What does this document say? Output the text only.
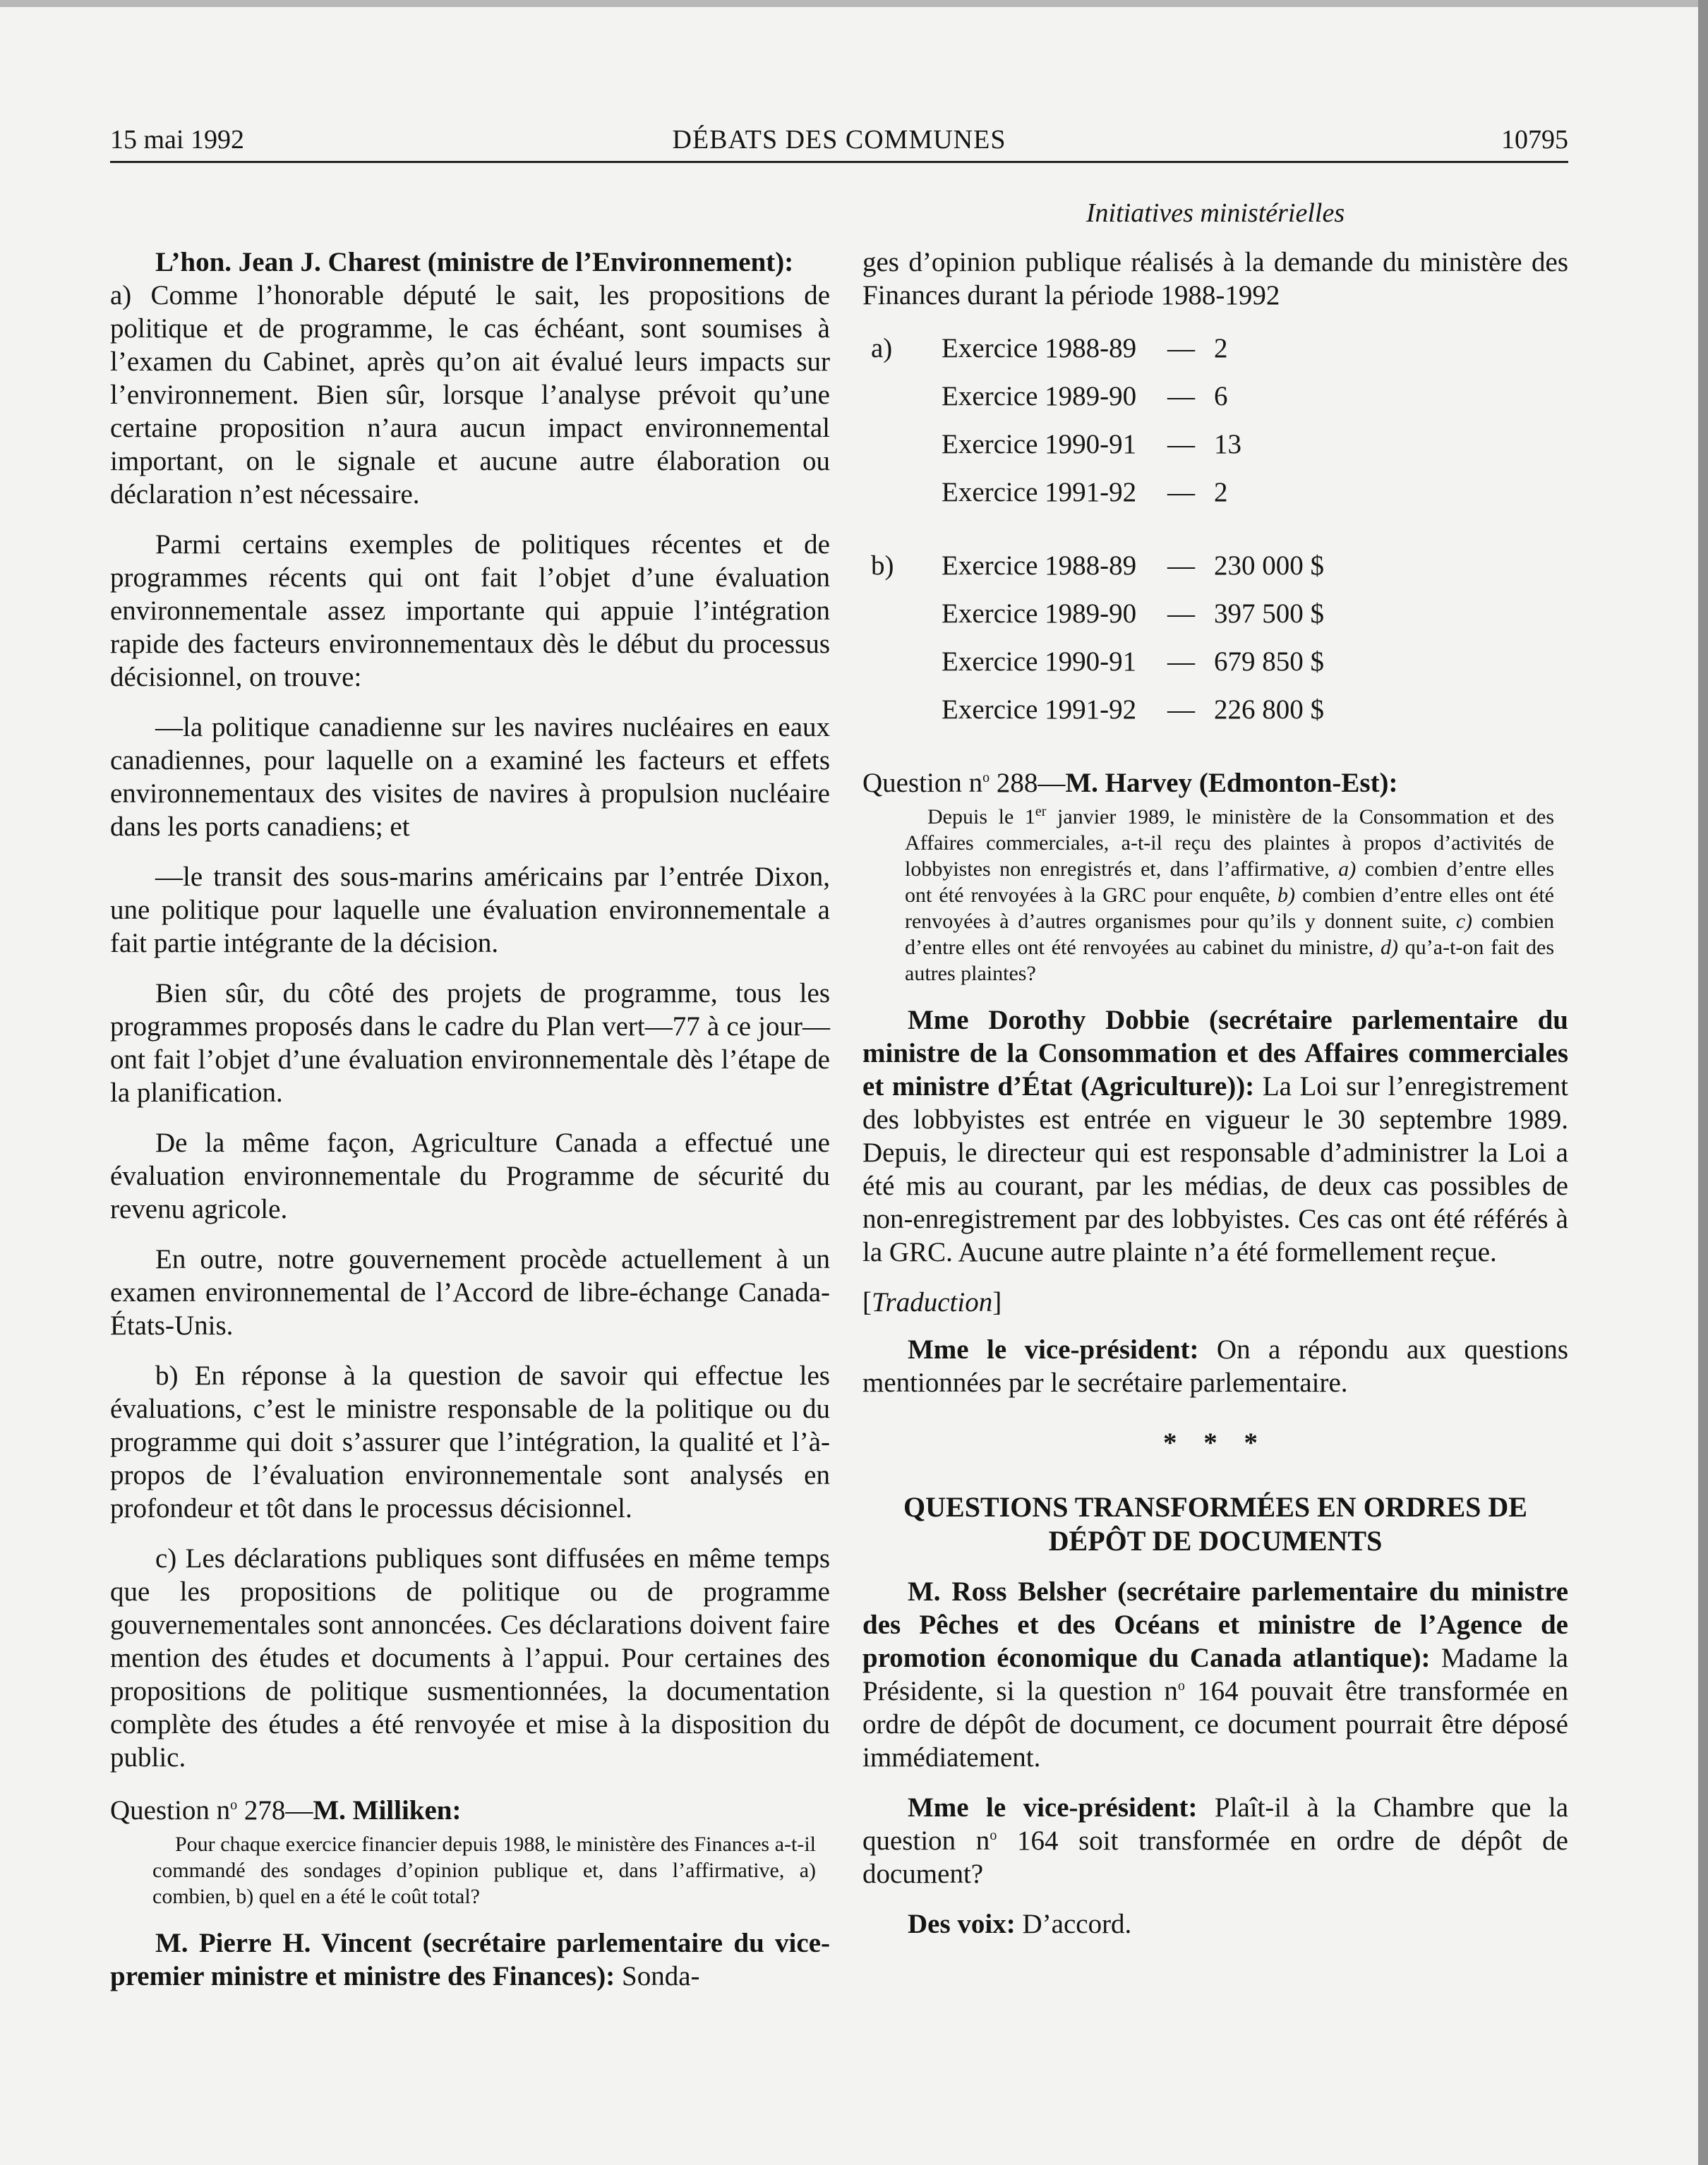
15 mai 1992	DÉBATS DES COMMUNES	10795
Initiatives ministérielles

L’hon. Jean J. Charest (ministre de l’Environnement):
a) Comme l’honorable député le sait, les propositions de politique et de programme, le cas échéant, sont soumises à l’examen du Cabinet, après qu’on ait évalué leurs impacts sur l’environnement. Bien sûr, lorsque l’analyse prévoit qu’une certaine proposition n’aura aucun impact environnemental important, on le signale et aucune autre élaboration ou déclaration n’est nécessaire.

Parmi certains exemples de politiques récentes et de programmes récents qui ont fait l’objet d’une évaluation environnementale assez importante qui appuie l’intégration rapide des facteurs environnementaux dès le début du processus décisionnel, on trouve:

—la politique canadienne sur les navires nucléaires en eaux canadiennes, pour laquelle on a examiné les facteurs et effets environnementaux des visites de navires à propulsion nucléaire dans les ports canadiens; et

—le transit des sous-marins américains par l’entrée Dixon, une politique pour laquelle une évaluation environnementale a fait partie intégrante de la décision.

Bien sûr, du côté des projets de programme, tous les programmes proposés dans le cadre du Plan vert—77 à ce jour—ont fait l’objet d’une évaluation environnementale dès l’étape de la planification.

De la même façon, Agriculture Canada a effectué une évaluation environnementale du Programme de sécurité du revenu agricole.

En outre, notre gouvernement procède actuellement à un examen environnemental de l’Accord de libre-échange Canada-États-Unis.

b) En réponse à la question de savoir qui effectue les évaluations, c’est le ministre responsable de la politique ou du programme qui doit s’assurer que l’intégration, la qualité et l’à-propos de l’évaluation environnementale sont analysés en profondeur et tôt dans le processus décisionnel.

c) Les déclarations publiques sont diffusées en même temps que les propositions de politique ou de programme gouvernementales sont annoncées. Ces déclarations doivent faire mention des études et documents à l’appui. Pour certaines des propositions de politique susmentionnées, la documentation complète des études a été renvoyée et mise à la disposition du public.

Question $n^o$ 278—M. Milliken:
Pour chaque exercice financier depuis 1988, le ministère des Finances a-t-il commandé des sondages d’opinion publique et, dans l’affirmative, a) combien, b) quel en a été le coût total?

M. Pierre H. Vincent (secrétaire parlementaire du vice-premier ministre et ministre des Finances): Sonda-

ges d’opinion publique réalisés à la demande du ministère des Finances durant la période 1988-1992

a) Exercice 1988-89 — 2
Exercice 1989-90 — 6
Exercice 1990-91 — 13
Exercice 1991-92 — 2
b) Exercice 1988-89 — 230 000 $
Exercice 1989-90 — 397 500 $
Exercice 1990-91 — 679 850 $
Exercice 1991-92 — 226 800 $
Question $n^o$ 288—M. Harvey (Edmonton-Est):
Depuis le 1er janvier 1989, le ministère de la Consommation et des Affaires commerciales, a-t-il reçu des plaintes à propos d’activités de lobbyistes non enregistrés et, dans l’affirmative, a) combien d’entre elles ont été renvoyées à la GRC pour enquête, b) combien d’entre elles ont été renvoyées à d’autres organismes pour qu’ils y donnent suite, c) combien d’entre elles ont été renvoyées au cabinet du ministre, d) qu’a-t-on fait des autres plaintes?

Mme Dorothy Dobbie (secrétaire parlementaire du ministre de la Consommation et des Affaires commerciales et ministre d’État (Agriculture)): La Loi sur l’enregistrement des lobbyistes est entrée en vigueur le 30 septembre 1989. Depuis, le directeur qui est responsable d’administrer la Loi a été mis au courant, par les médias, de deux cas possibles de non-enregistrement par des lobbyistes. Ces cas ont été référés à la GRC. Aucune autre plainte n’a été formellement reçue.

[Traduction]

Mme le vice-président: On a répondu aux questions mentionnées par le secrétaire parlementaire.

* * *
QUESTIONS TRANSFORMÉES EN ORDRES DE DÉPÔT DE DOCUMENTS

M. Ross Belsher (secrétaire parlementaire du ministre des Pêches et des Océans et ministre de l’Agence de promotion économique du Canada atlantique): Madame la Présidente, si la question $n^o$ 164 pouvait être transformée en ordre de dépôt de document, ce document pourrait être déposé immédiatement.

Mme le vice-président: Plaît-il à la Chambre que la question $n^o$ 164 soit transformée en ordre de dépôt de document?

Des voix: D’accord.
